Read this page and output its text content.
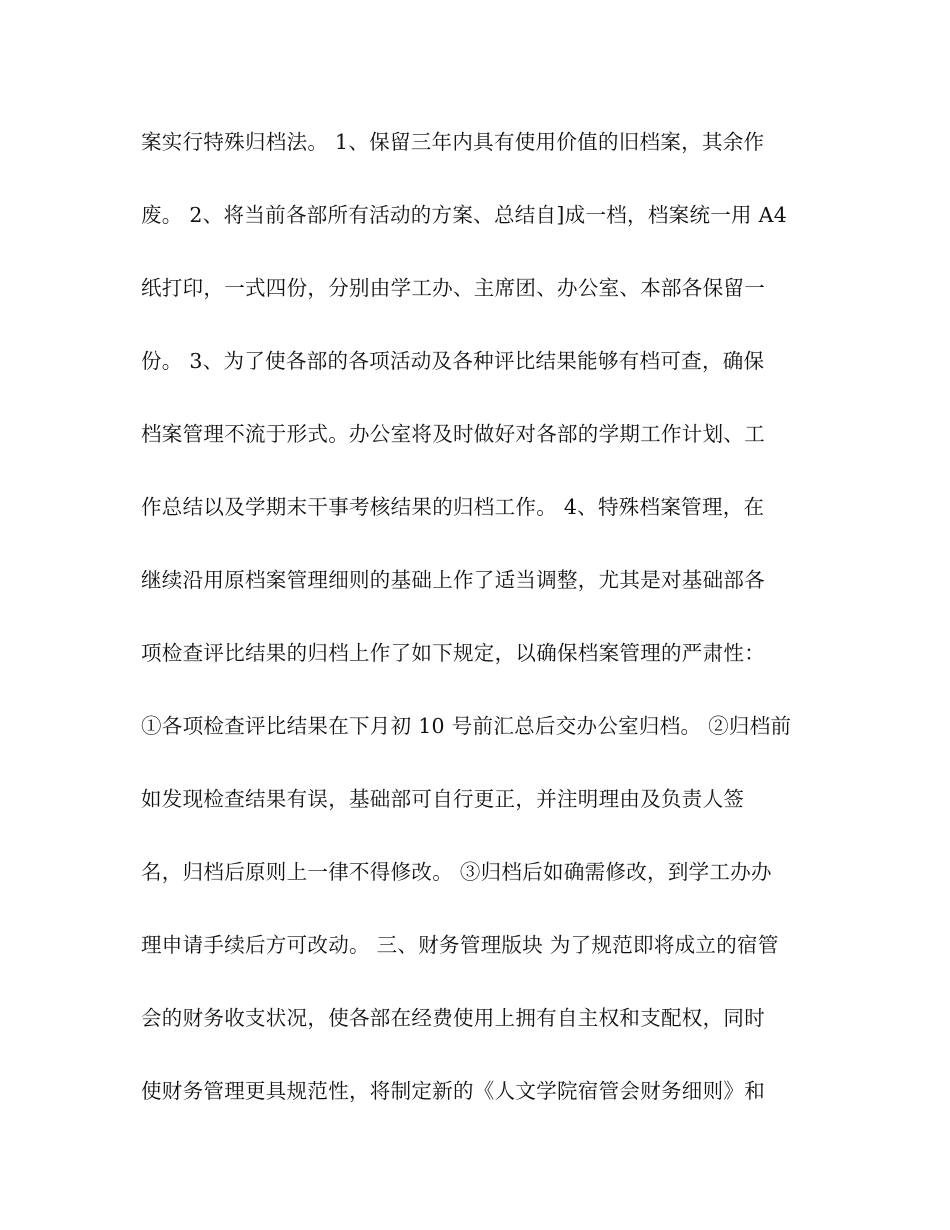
案实行特殊归档法。 1、保留三年内具有使用价值的旧档案，其余作
废。 2、将当前各部所有活动的方案、总结自]成一档，档案统一用 A4
纸打印，一式四份，分别由学工办、主席团、办公室、本部各保留一
份。 3、为了使各部的各项活动及各种评比结果能够有档可查，确保
档案管理不流于形式。办公室将及时做好对各部的学期工作计划、工
作总结以及学期末干事考核结果的归档工作。 4、特殊档案管理，在
继续沿用原档案管理细则的基础上作了适当调整，尤其是对基础部各
项检查评比结果的归档上作了如下规定，以确保档案管理的严肃性：
①各项检查评比结果在下月初 10 号前汇总后交办公室归档。 ②归档前
如发现检查结果有误，基础部可自行更正，并注明理由及负责人签
名，归档后原则上一律不得修改。 ③归档后如确需修改，到学工办办
理申请手续后方可改动。 三、财务管理版块 为了规范即将成立的宿管
会的财务收支状况，使各部在经费使用上拥有自主权和支配权，同时
使财务管理更具规范性，将制定新的《人文学院宿管会财务细则》和
